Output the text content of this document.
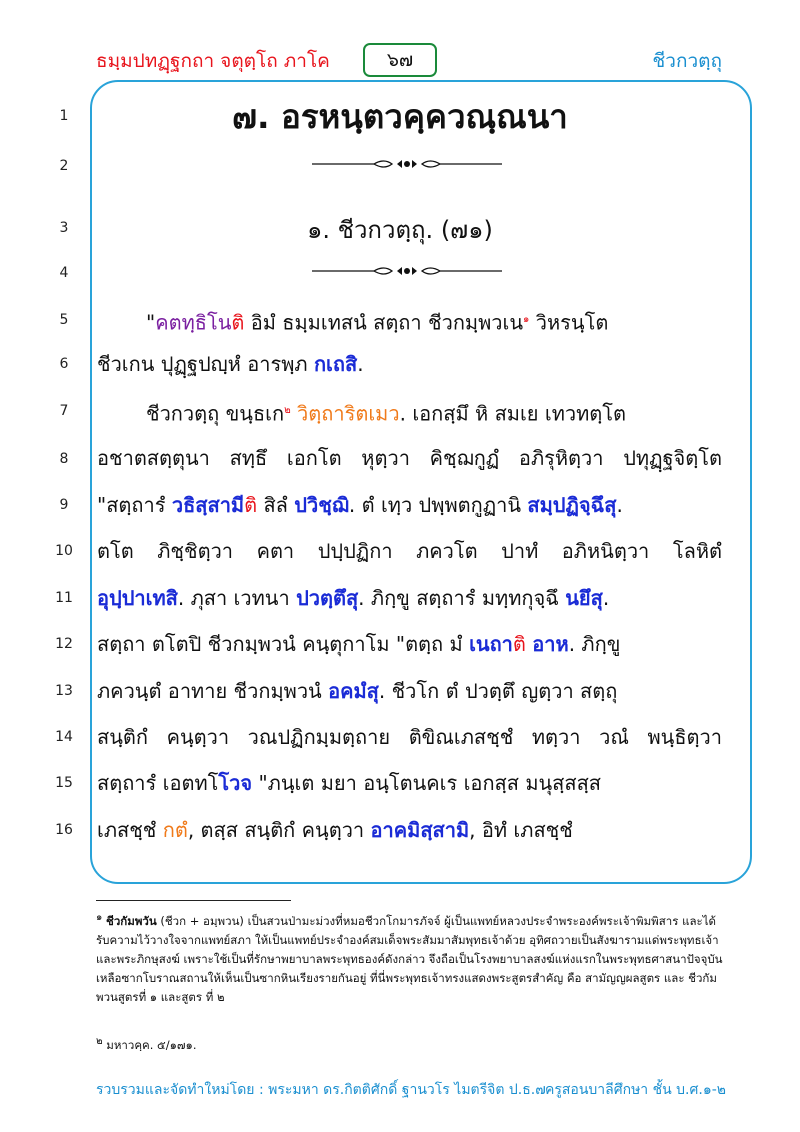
ธมฺมปทฏฺฐกถา จตุตฺโถ ภาโค	๖๗	ชีวกวตฺถุ
1
2
3
4
5
6
7
8
9
10
11
12
13
14
15
16
๗. อรหนฺตวคฺควณฺณนา
๑. ชีวกวตฺถุ. (๗๑)
"คตทฺธิโนติ อิมํ ธมฺมเทสนํ สตฺถา ชีวกมฺพวเน$^๑$ วิหรนฺโต
ชีวเกน ปุฏฺฐปญฺหํ อารพฺภ กเถสิ.
ชีวกวตฺถุ ขนฺธเก$^๒$ วิตฺถาริตเมว. เอกสฺมึ หิ สมเย เทวทตฺโต
อชาตสตฺตุนา สทฺธึ เอกโต หุตฺวา คิชฺฌกูฏํ อภิรุหิตฺวา ปทุฏฺฐจิตฺโต
"สตฺถารํ วธิสฺสามีติ สิลํ ปวิชฺฌิ. ตํ เทฺว ปพฺพตกูฏานิ สมฺปฏิจฺฉึสุ.
ตโต ภิชฺชิตฺวา คตา ปปฺปฏิกา ภควโต ปาทํ อภิหนิตฺวา โลหิตํ
อุปฺปาเทสิ. ภุสา เวทนา ปวตฺตึสุ. ภิกฺขู สตฺถารํ มทฺทกุจฺฉึ นยึสุ.
สตฺถา ตโตปิ ชีวกมฺพวนํ คนฺตุกาโม "ตตฺถ มํ เนถาติ อาห. ภิกฺขู
ภควนฺตํ อาทาย ชีวกมฺพวนํ อคมํสุ. ชีวโก ตํ ปวตฺตึ ญตฺวา สตฺถุ
สนฺติกํ คนฺตฺวา วณปฏิกมฺมตฺถาย ติขิณเภสชฺชํ ทตฺวา วณํ พนฺธิตฺวา
สตฺถารํ เอตทโโวจ "ภนฺเต มยา อนฺโตนคเร เอกสฺส มนุสฺสสฺส
เภสชฺชํ กตํ, ตสฺส สนฺติกํ คนฺตฺวา อาคมิสฺสามิ, อิทํ เภสชฺชํ
$^๑$ ชีวกัมพวัน (ชีวก + อมฺพวน) เป็นสวนป่ามะม่วงที่หมอชีวกโกมารภัจจ์ ผู้เป็นแพทย์หลวงประจำพระองค์พระเจ้าพิมพิสาร และได้รับความไว้วางใจจากแพทย์สภา ให้เป็นแพทย์ประจำองค์สมเด็จพระสัมมาสัมพุทธเจ้าด้วย อุทิศถวายเป็นสังฆารามแด่พระพุทธเจ้าและพระภิกษุสงฆ์ เพราะใช้เป็นที่รักษาพยาบาลพระพุทธองค์ดังกล่าว จึงถือเป็นโรงพยาบาลสงฆ์แห่งแรกในพระพุทธศาสนาปัจจุบันเหลือซากโบราณสถานให้เห็นเป็นซากหินเรียงรายกันอยู่ ที่นี่พระพุทธเจ้าทรงแสดงพระสูตรสำคัญ คือ สามัญญผลสูตร และ ชีวกัมพวนสูตรที่ ๑ และสูตร ที่ ๒
$^๒$ มหาวคฺค. ๕/๑๗๑.
รวบรวมและจัดทำใหม่โดย : พระมหา ดร.กิตติศักดิ์ ฐานวโร ไมตรีจิต ป.ธ.๗ ครูสอนบาลีศึกษา ชั้น บ.ศ.๑-๒
